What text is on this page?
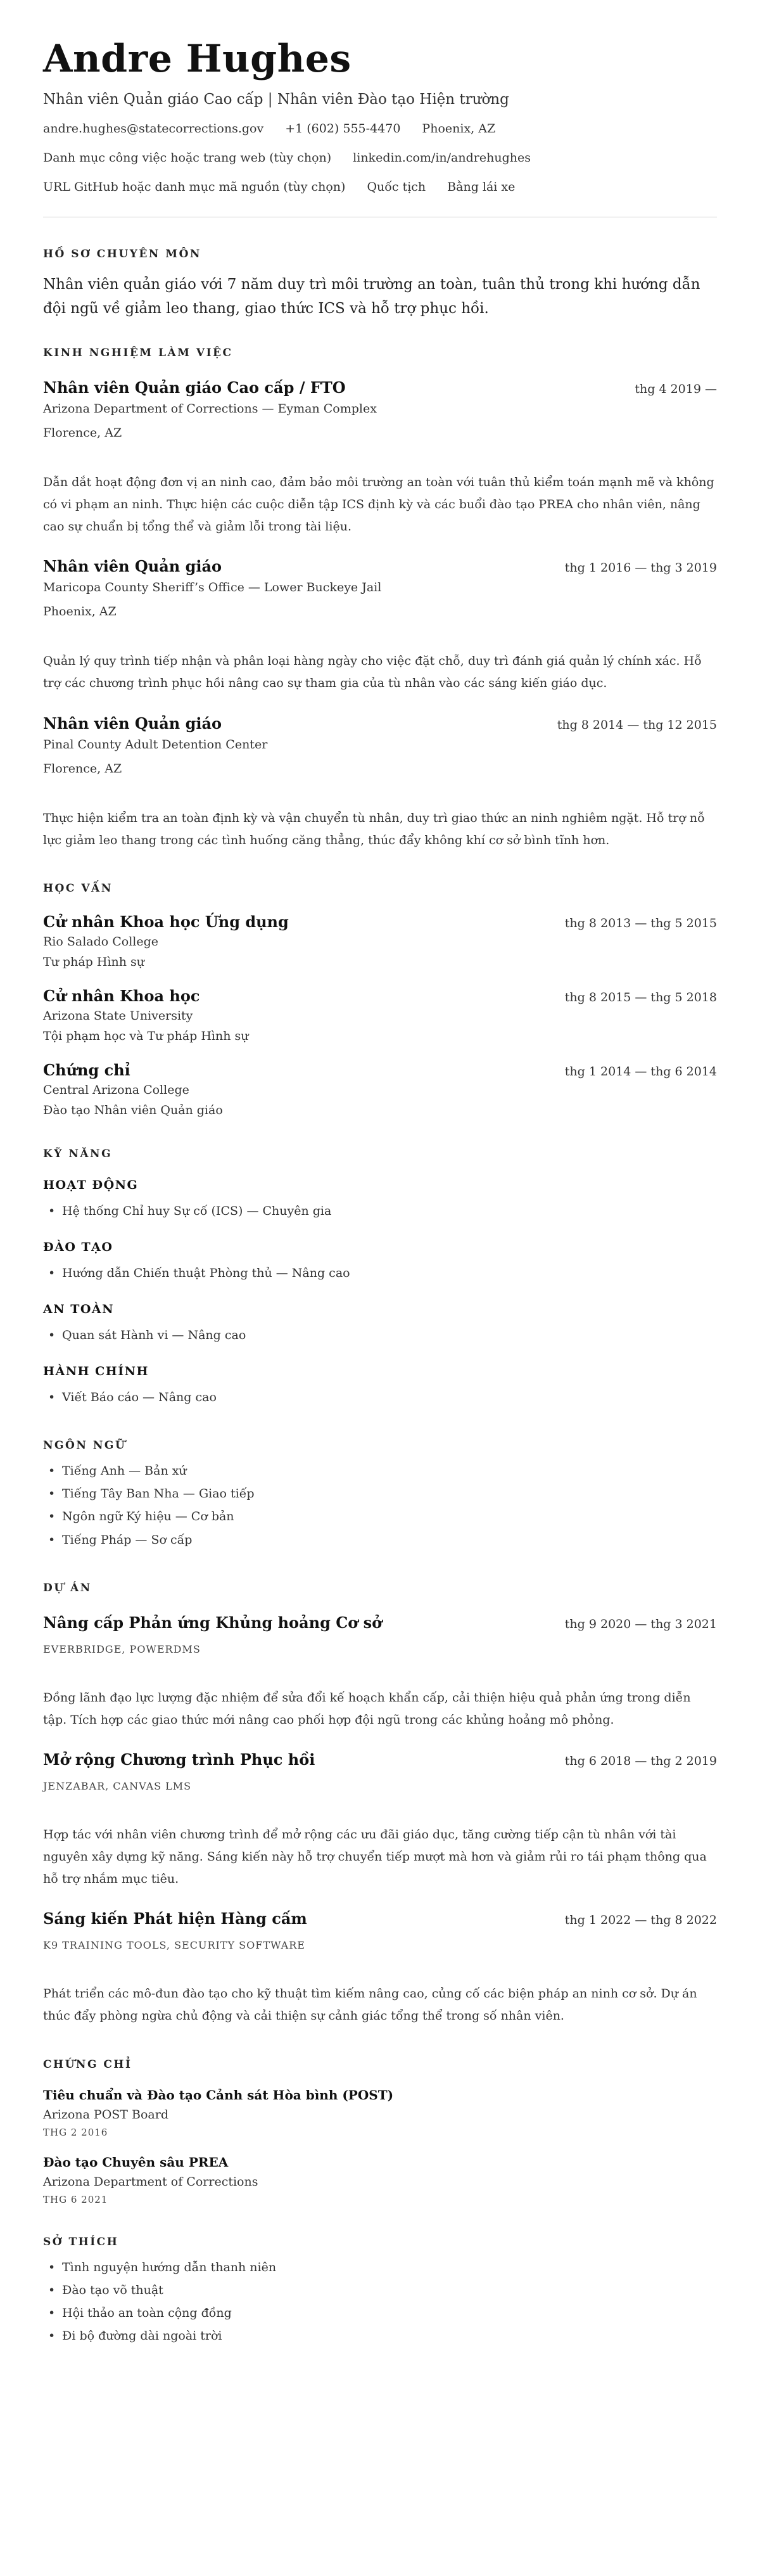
Andre Hughes
Nhân viên Quản giáo Cao cấp | Nhân viên Đào tạo Hiện trường
andre.hughes@statecorrections.gov +1 (602) 555-4470 Phoenix, AZ
Danh mục công việc hoặc trang web (tùy chọn) linkedin.com/in/andrehughes
URL GitHub hoặc danh mục mã nguồn (tùy chọn) Quốc tịch Bằng lái xe
HỒ SƠ CHUYÊN MÔN

Nhân viên quản giáo với 7 năm duy trì môi trường an toàn, tuân thủ trong khi hướng dẫn đội ngũ về giảm leo thang, giao thức ICS và hỗ trợ phục hồi.

KINH NGHIỆM LÀM VIỆC
Nhân viên Quản giáo Cao cấp / FTO	thg 4 2019 —
Arizona Department of Corrections — Eyman Complex
Florence, AZ

Dẫn dắt hoạt động đơn vị an ninh cao, đảm bảo môi trường an toàn với tuân thủ kiểm toán mạnh mẽ và không có vi phạm an ninh. Thực hiện các cuộc diễn tập ICS định kỳ và các buổi đào tạo PREA cho nhân viên, nâng cao sự chuẩn bị tổng thể và giảm lỗi trong tài liệu.

Nhân viên Quản giáo	thg 1 2016 — thg 3 2019
Maricopa County Sheriff’s Office — Lower Buckeye Jail
Phoenix, AZ

Quản lý quy trình tiếp nhận và phân loại hàng ngày cho việc đặt chỗ, duy trì đánh giá quản lý chính xác. Hỗ trợ các chương trình phục hồi nâng cao sự tham gia của tù nhân vào các sáng kiến giáo dục.

Nhân viên Quản giáo	thg 8 2014 — thg 12 2015
Pinal County Adult Detention Center
Florence, AZ

Thực hiện kiểm tra an toàn định kỳ và vận chuyển tù nhân, duy trì giao thức an ninh nghiêm ngặt. Hỗ trợ nỗ lực giảm leo thang trong các tình huống căng thẳng, thúc đẩy không khí cơ sở bình tĩnh hơn.

HỌC VẤN
Cử nhân Khoa học Ứng dụng	thg 8 2013 — thg 5 2015
Rio Salado College
Tư pháp Hình sự
Cử nhân Khoa học	thg 8 2015 — thg 5 2018
Arizona State University
Tội phạm học và Tư pháp Hình sự
Chứng chỉ	thg 1 2014 — thg 6 2014
Central Arizona College
Đào tạo Nhân viên Quản giáo
KỸ NĂNG
HOẠT ĐỘNG
• Hệ thống Chỉ huy Sự cố (ICS) — Chuyên gia
ĐÀO TẠO
• Hướng dẫn Chiến thuật Phòng thủ — Nâng cao
AN TOÀN
• Quan sát Hành vi — Nâng cao
HÀNH CHÍNH
• Viết Báo cáo — Nâng cao
NGÔN NGỮ
• Tiếng Anh — Bản xứ
• Tiếng Tây Ban Nha — Giao tiếp
• Ngôn ngữ Ký hiệu — Cơ bản
• Tiếng Pháp — Sơ cấp
DỰ ÁN
Nâng cấp Phản ứng Khủng hoảng Cơ sở	thg 9 2020 — thg 3 2021
EVERBRIDGE, POWERDMS

Đồng lãnh đạo lực lượng đặc nhiệm để sửa đổi kế hoạch khẩn cấp, cải thiện hiệu quả phản ứng trong diễn tập. Tích hợp các giao thức mới nâng cao phối hợp đội ngũ trong các khủng hoảng mô phỏng.

Mở rộng Chương trình Phục hồi	thg 6 2018 — thg 2 2019
JENZABAR, CANVAS LMS

Hợp tác với nhân viên chương trình để mở rộng các ưu đãi giáo dục, tăng cường tiếp cận tù nhân với tài nguyên xây dựng kỹ năng. Sáng kiến này hỗ trợ chuyển tiếp mượt mà hơn và giảm rủi ro tái phạm thông qua hỗ trợ nhắm mục tiêu.

Sáng kiến Phát hiện Hàng cấm	thg 1 2022 — thg 8 2022
K9 TRAINING TOOLS, SECURITY SOFTWARE

Phát triển các mô-đun đào tạo cho kỹ thuật tìm kiếm nâng cao, củng cố các biện pháp an ninh cơ sở. Dự án thúc đẩy phòng ngừa chủ động và cải thiện sự cảnh giác tổng thể trong số nhân viên.

CHỨNG CHỈ
Tiêu chuẩn và Đào tạo Cảnh sát Hòa bình (POST)
Arizona POST Board
THG 2 2016
Đào tạo Chuyên sâu PREA
Arizona Department of Corrections
THG 6 2021
SỞ THÍCH
• Tình nguyện hướng dẫn thanh niên
• Đào tạo võ thuật
• Hội thảo an toàn cộng đồng
• Đi bộ đường dài ngoài trời
